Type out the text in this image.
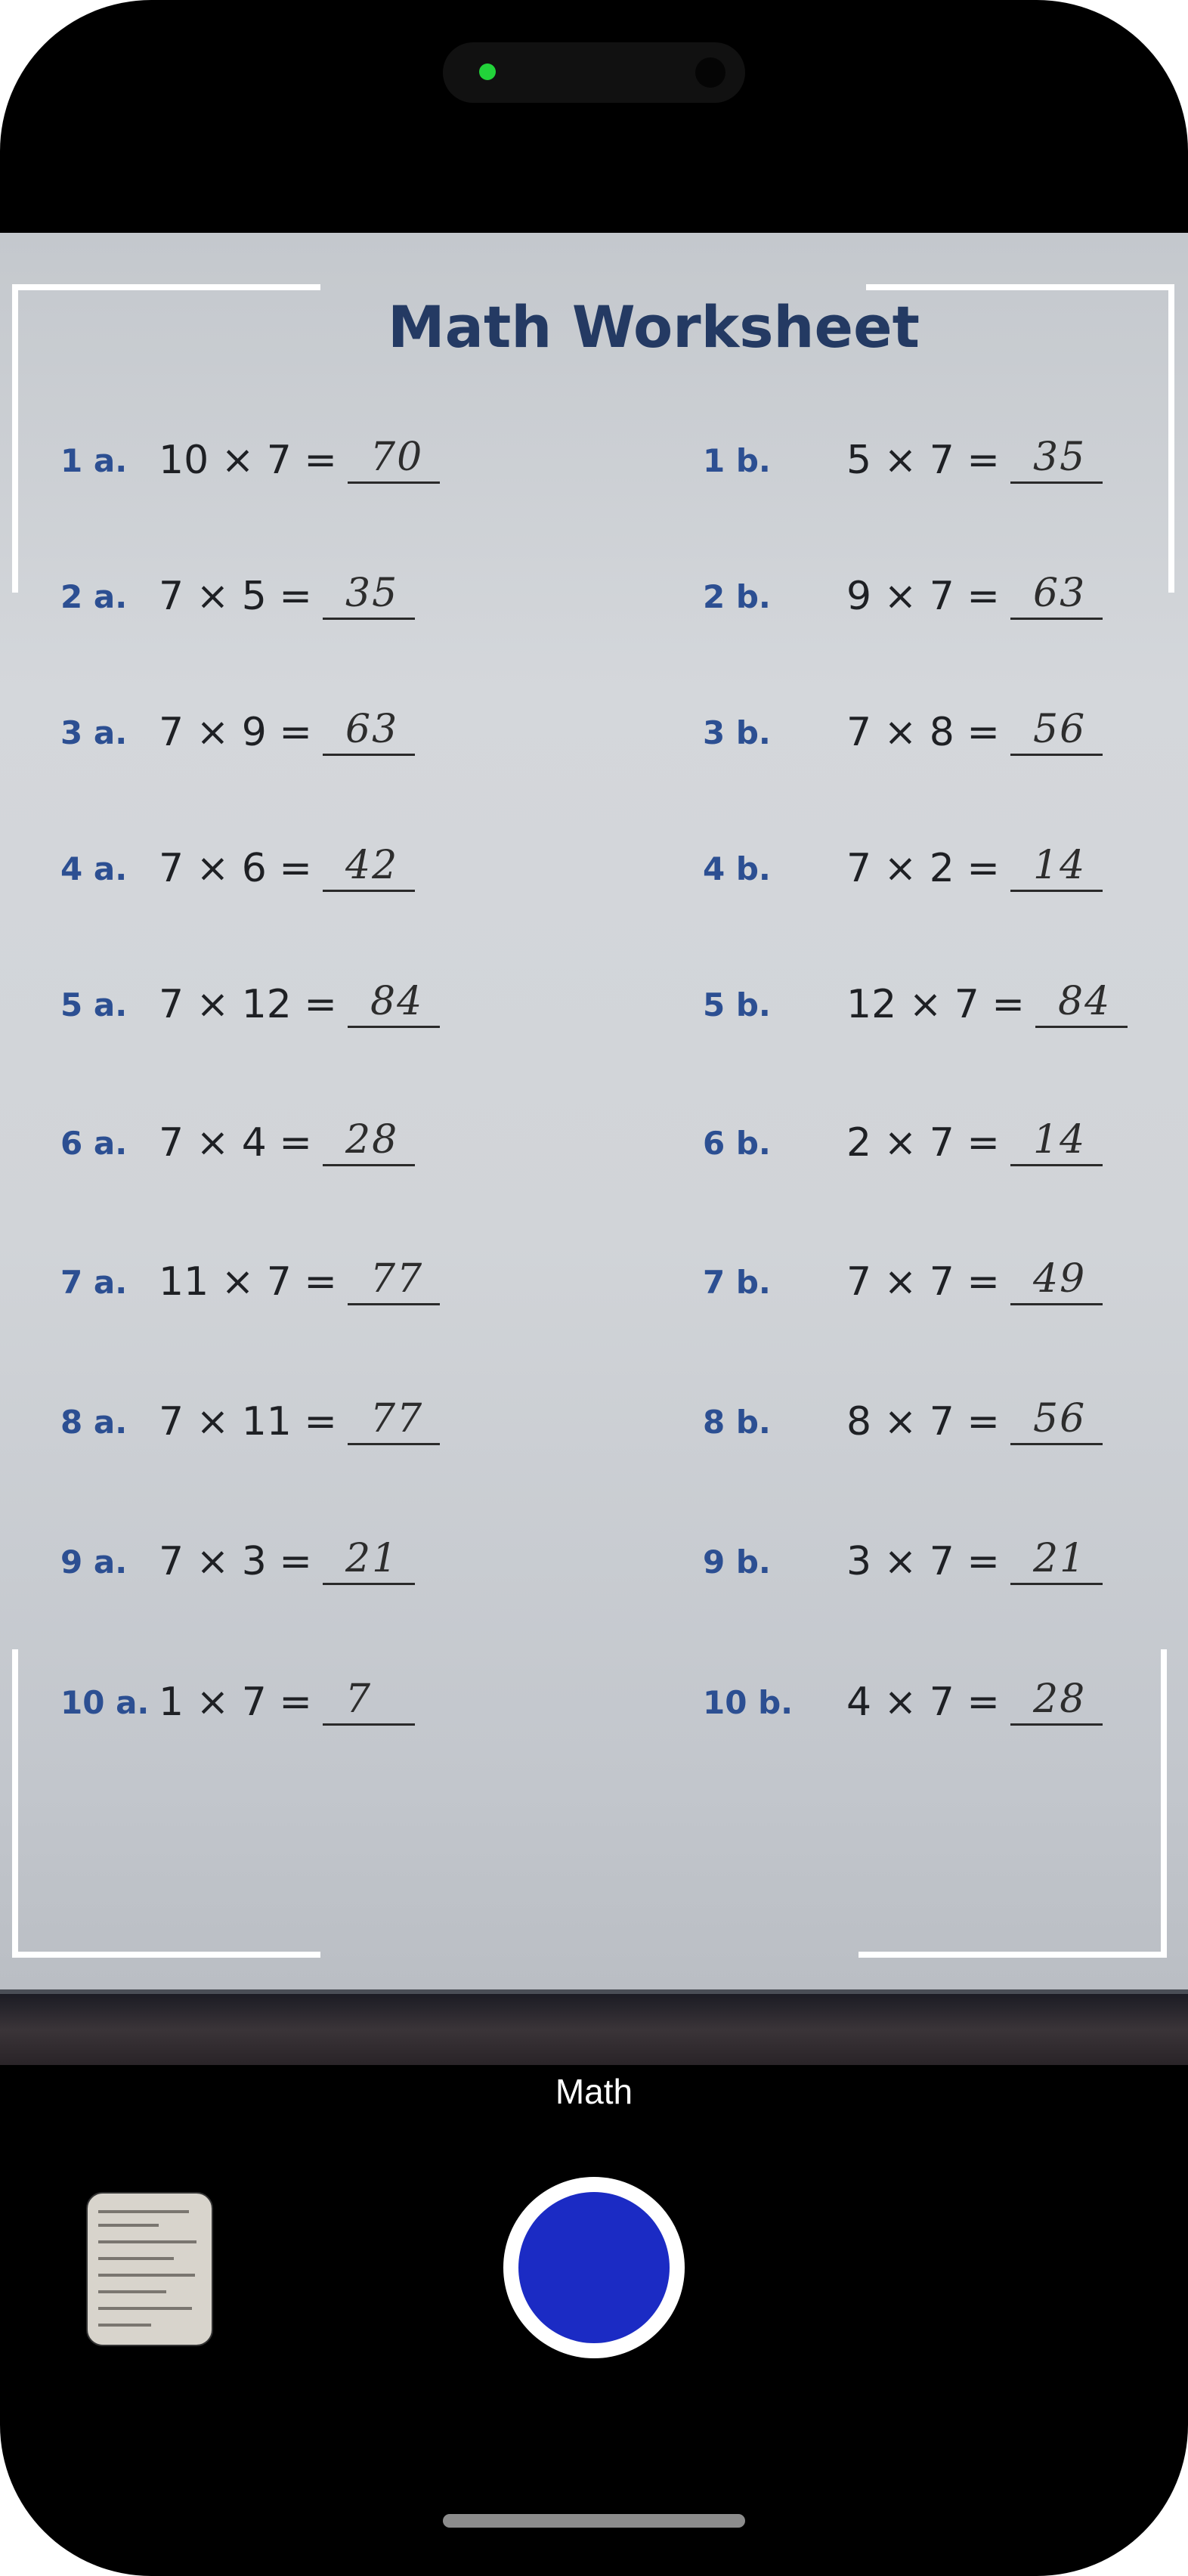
Math Worksheet
1 a. 10 × 7 = 70	1 b. 5 × 7 = 35
2 a. 7 × 5 = 35	2 b. 9 × 7 = 63
3 a. 7 × 9 = 63	3 b. 7 × 8 = 56
4 a. 7 × 6 = 42	4 b. 7 × 2 = 14
5 a. 7 × 12 = 84	5 b. 12 × 7 = 84
6 a. 7 × 4 = 28	6 b. 2 × 7 = 14
7 a. 11 × 7 = 77	7 b. 7 × 7 = 49
8 a. 7 × 11 = 77	8 b. 8 × 7 = 56
9 a. 7 × 3 = 21	9 b. 3 × 7 = 21
10 a. 1 × 7 = 7	10 b. 4 × 7 = 28
Math
